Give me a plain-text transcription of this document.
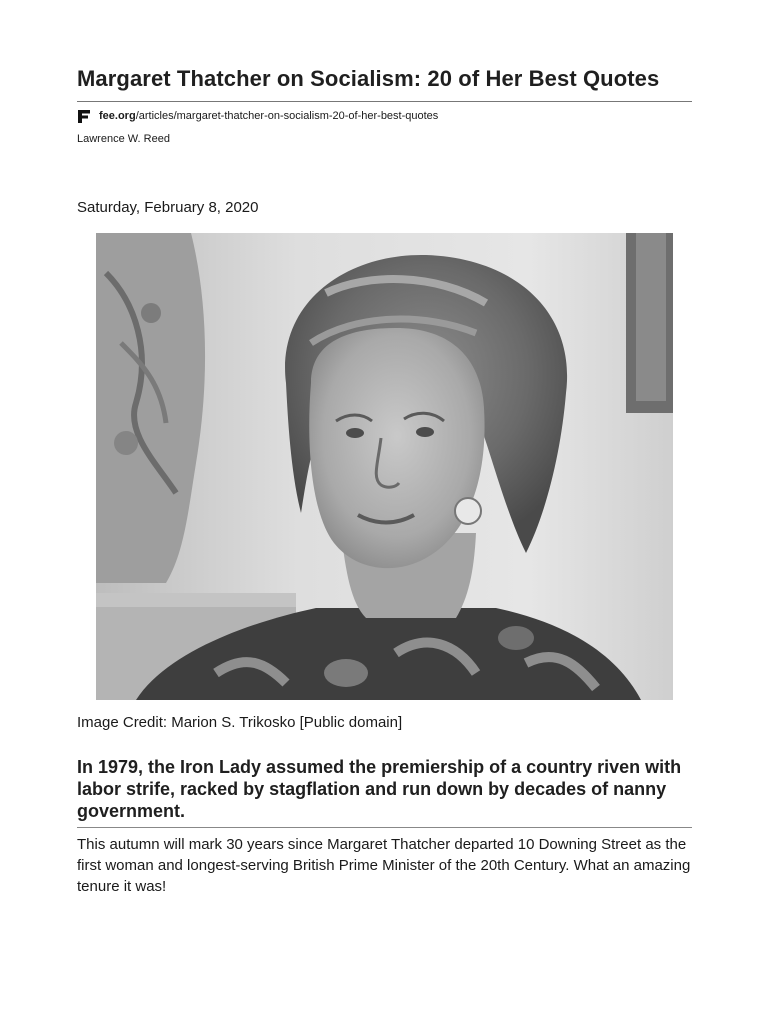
Margaret Thatcher on Socialism: 20 of Her Best Quotes
fee.org /articles/margaret-thatcher-on-socialism-20-of-her-best-quotes
Lawrence W. Reed
Saturday, February 8, 2020
Image Credit: Marion S. Trikosko [Public domain]

In 1979, the Iron Lady assumed the premiership of a country riven with labor strife, racked by stagflation and run down by decades of nanny government.

This autumn will mark 30 years since Margaret Thatcher departed 10 Downing Street as the first woman and longest-serving British Prime Minister of the 20th Century. What an amazing tenure it was!
